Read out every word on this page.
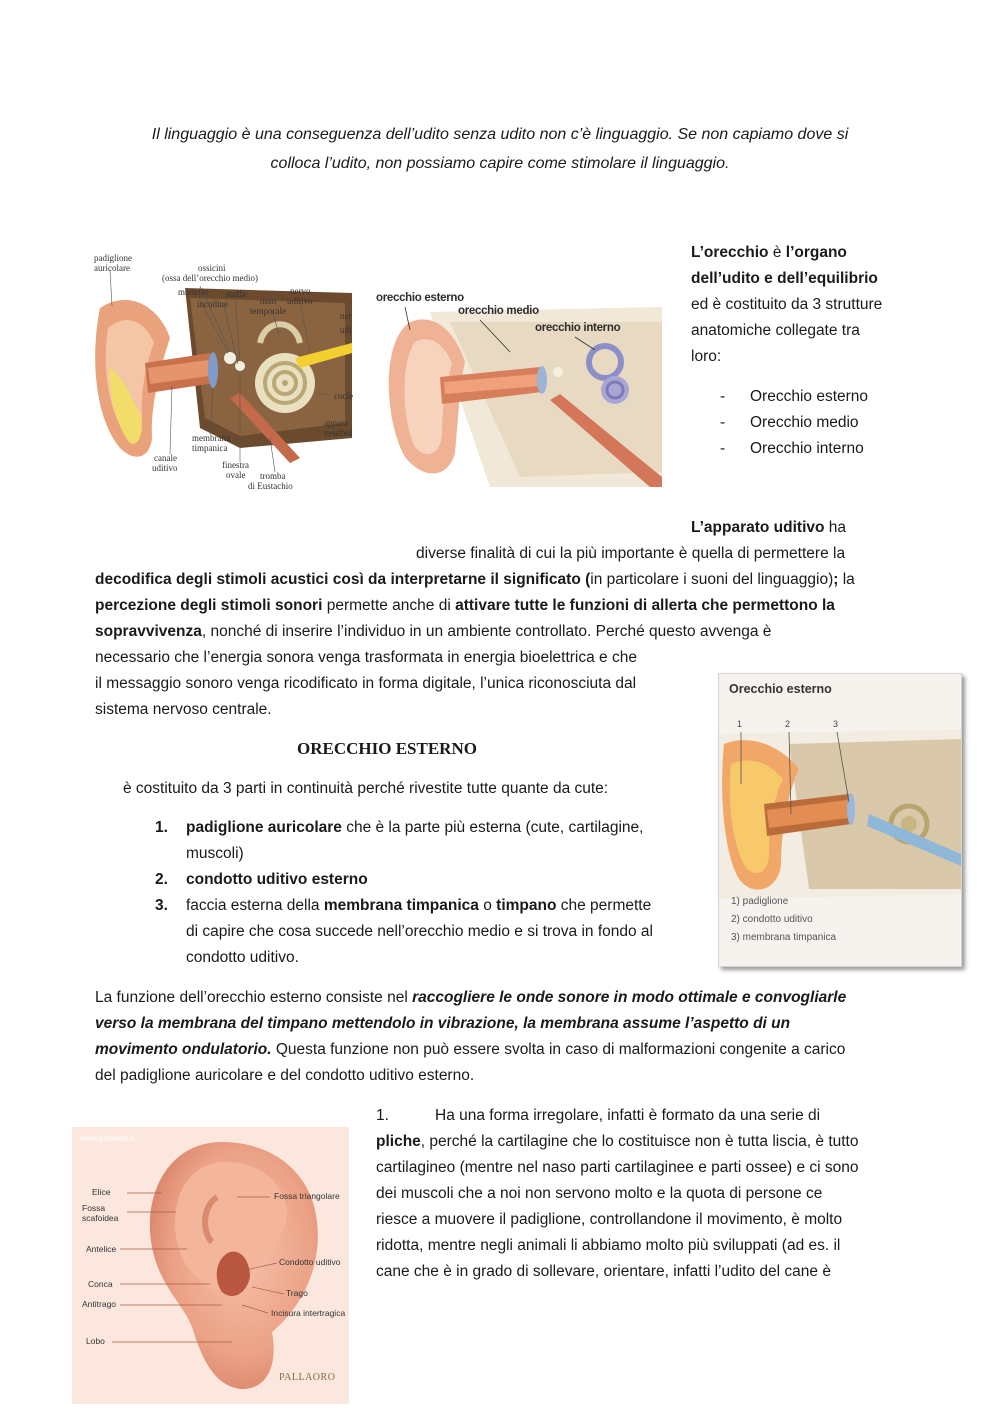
Il linguaggio è una conseguenza dell’udito senza udito non c’è linguaggio. Se non capiamo dove si
colloca l’udito, non possiamo capire come stimolare il linguaggio.
padiglione
auricolare	ossicini
(ossa dell’orecchio medio)
martello staffa
incudine	osso
temporale
nervo
uditivo
ner
udi
cocle
appara
vestibol
membrana
timpanica
canale
uditivo	finestra
ovale tromba
di Eustachio
orecchio esterno
orecchio medio
orecchio interno
L’orecchio è l’organo
dell’udito e dell’equilibrio
ed è costituito da 3 strutture
anatomiche collegate tra
loro:
- Orecchio esterno
- Orecchio medio
- Orecchio interno
L’apparato uditivo ha
diverse finalità di cui la più importante è quella di permettere la
decodifica degli stimoli acustici così da interpretarne il significato (in particolare i suoni del linguaggio); la
percezione degli stimoli sonori permette anche di attivare tutte le funzioni di allerta che permettono la
sopravvivenza, nonché di inserire l’individuo in un ambiente controllato. Perché questo avvenga è
necessario che l’energia sonora venga trasformata in energia bioelettrica e che
il messaggio sonoro venga ricodificato in forma digitale, l’unica riconosciuta dal
sistema nervoso centrale.
Orecchio esterno
1	2	3
1) padiglione
2) condotto uditivo
3) membrana timpanica
ORECCHIO ESTERNO
è costituito da 3 parti in continuità perché rivestite tutte quante da cute:
1. padiglione auricolare che è la parte più esterna (cute, cartilagine,
muscoli)
2. condotto uditivo esterno
3. faccia esterna della membrana timpanica o timpano che permette
di capire che cosa succede nell’orecchio medio e si trova in fondo al
condotto uditivo.
La funzione dell’orecchio esterno consiste nel raccogliere le onde sonore in modo ottimale e convogliarle
verso la membrana del timpano mettendolo in vibrazione, la membrana assume l’aspetto di un
movimento ondulatorio. Questa funzione non può essere svolta in caso di malformazioni congenite a carico
del padiglione auricolare e del condotto uditivo esterno.
www.pallaoro.it
Elice
Fossa
scafoidea
Antelice
Conca
Antitrago
Lobo
Fossa triangolare
Condotto uditivo
Trago
Incisura intertragica
PALLAORO
1.	Ha una forma irregolare, infatti è formato da una serie di
pliche, perché la cartilagine che lo costituisce non è tutta liscia, è tutto
cartilagineo (mentre nel naso parti cartilaginee e parti ossee) e ci sono
dei muscoli che a noi non servono molto e la quota di persone ce
riesce a muovere il padiglione, controllandone il movimento, è molto
ridotta, mentre negli animali li abbiamo molto più sviluppati (ad es. il
cane che è in grado di sollevare, orientare, infatti l’udito del cane è
